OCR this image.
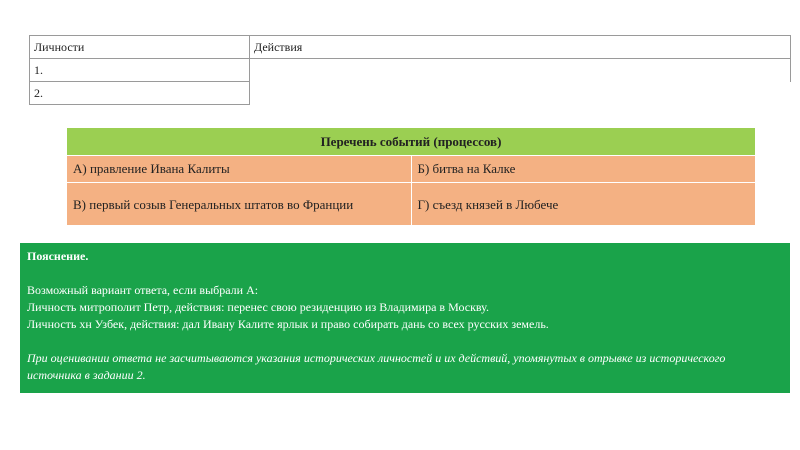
Личности	Действия
1.	
2.	
Перечень событий (процессов)	
А) правление Ивана Калиты	Б) битва на Калке
В) первый созыв Генеральных штатов во Франции	Г) съезд князей в Любече

Пояснение.

Возможный вариант ответа, если выбрали А:

Личность митрополит Петр, действия: перенес свою резиденцию из Владимира в Москву.

Личность хн Узбек, действия: дал Ивану Калите ярлык и право собирать дань со всех русских земель.

При оценивании ответа не засчитываются указания исторических личностей и их действий, упомянутых в отрывке из исторического источника в задании 2.
